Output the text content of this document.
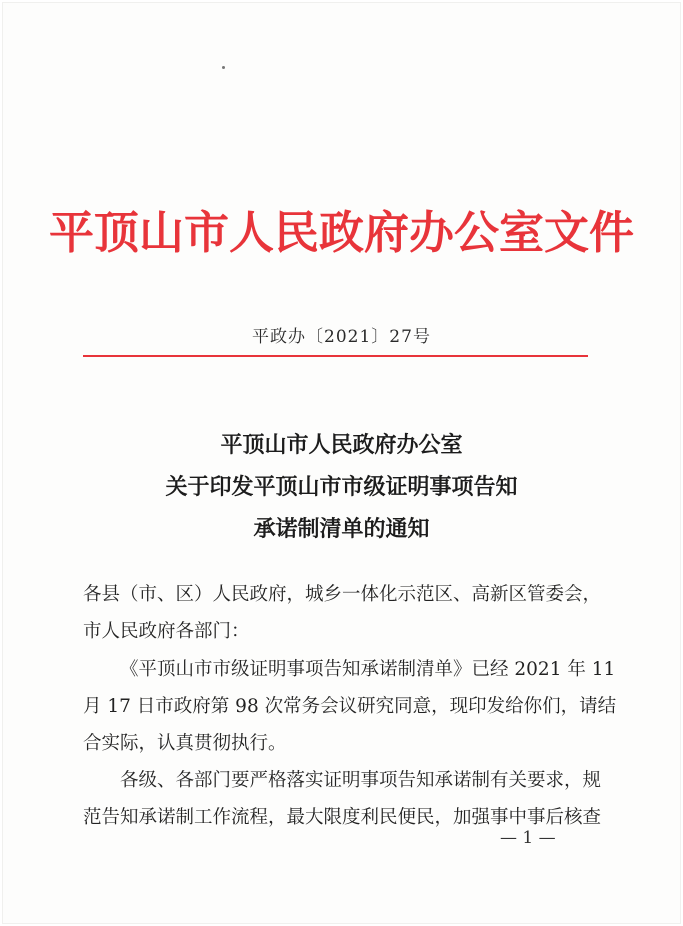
平顶山市人民政府办公室文件
平政办〔2021〕27号
平顶山市人民政府办公室
关于印发平顶山市市级证明事项告知
承诺制清单的通知
各县（市、区）人民政府，城乡一体化示范区、高新区管委会，
市人民政府各部门：
《平顶山市市级证明事项告知承诺制清单》已经 2021 年 11
月 17 日市政府第 98 次常务会议研究同意，现印发给你们，请结
合实际，认真贯彻执行。
各级、各部门要严格落实证明事项告知承诺制有关要求，规
范告知承诺制工作流程，最大限度利民便民，加强事中事后核查
— 1 —
